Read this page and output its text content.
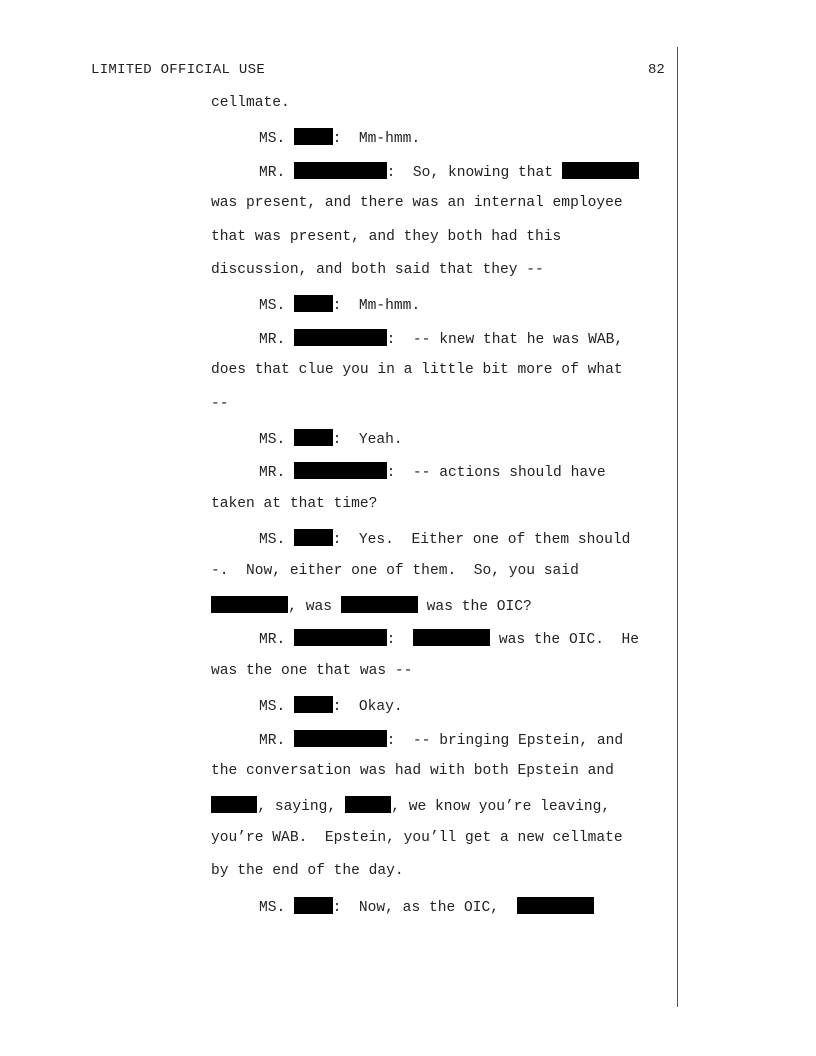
LIMITED OFFICIAL USE	82
cellmate.
MS.	:  Mm-hmm.
MR.	:  So, knowing that
was present, and there was an internal employee
that was present, and they both had this
discussion, and both said that they --
MS.	:  Mm-hmm.
MR.	:  -- knew that he was WAB,
does that clue you in a little bit more of what
--
MS.	:  Yeah.
MR.	:  -- actions should have
taken at that time?
MS.	:  Yes.  Either one of them should
-.  Now, either one of them.  So, you said
, was	was the OIC?
MR.	:	was the OIC.  He
was the one that was --
MS.	:  Okay.
MR.	:  -- bringing Epstein, and
the conversation was had with both Epstein and
, saying,	, we know you’re leaving,
you’re WAB.  Epstein, you’ll get a new cellmate
by the end of the day.
MS.	:  Now, as the OIC,
